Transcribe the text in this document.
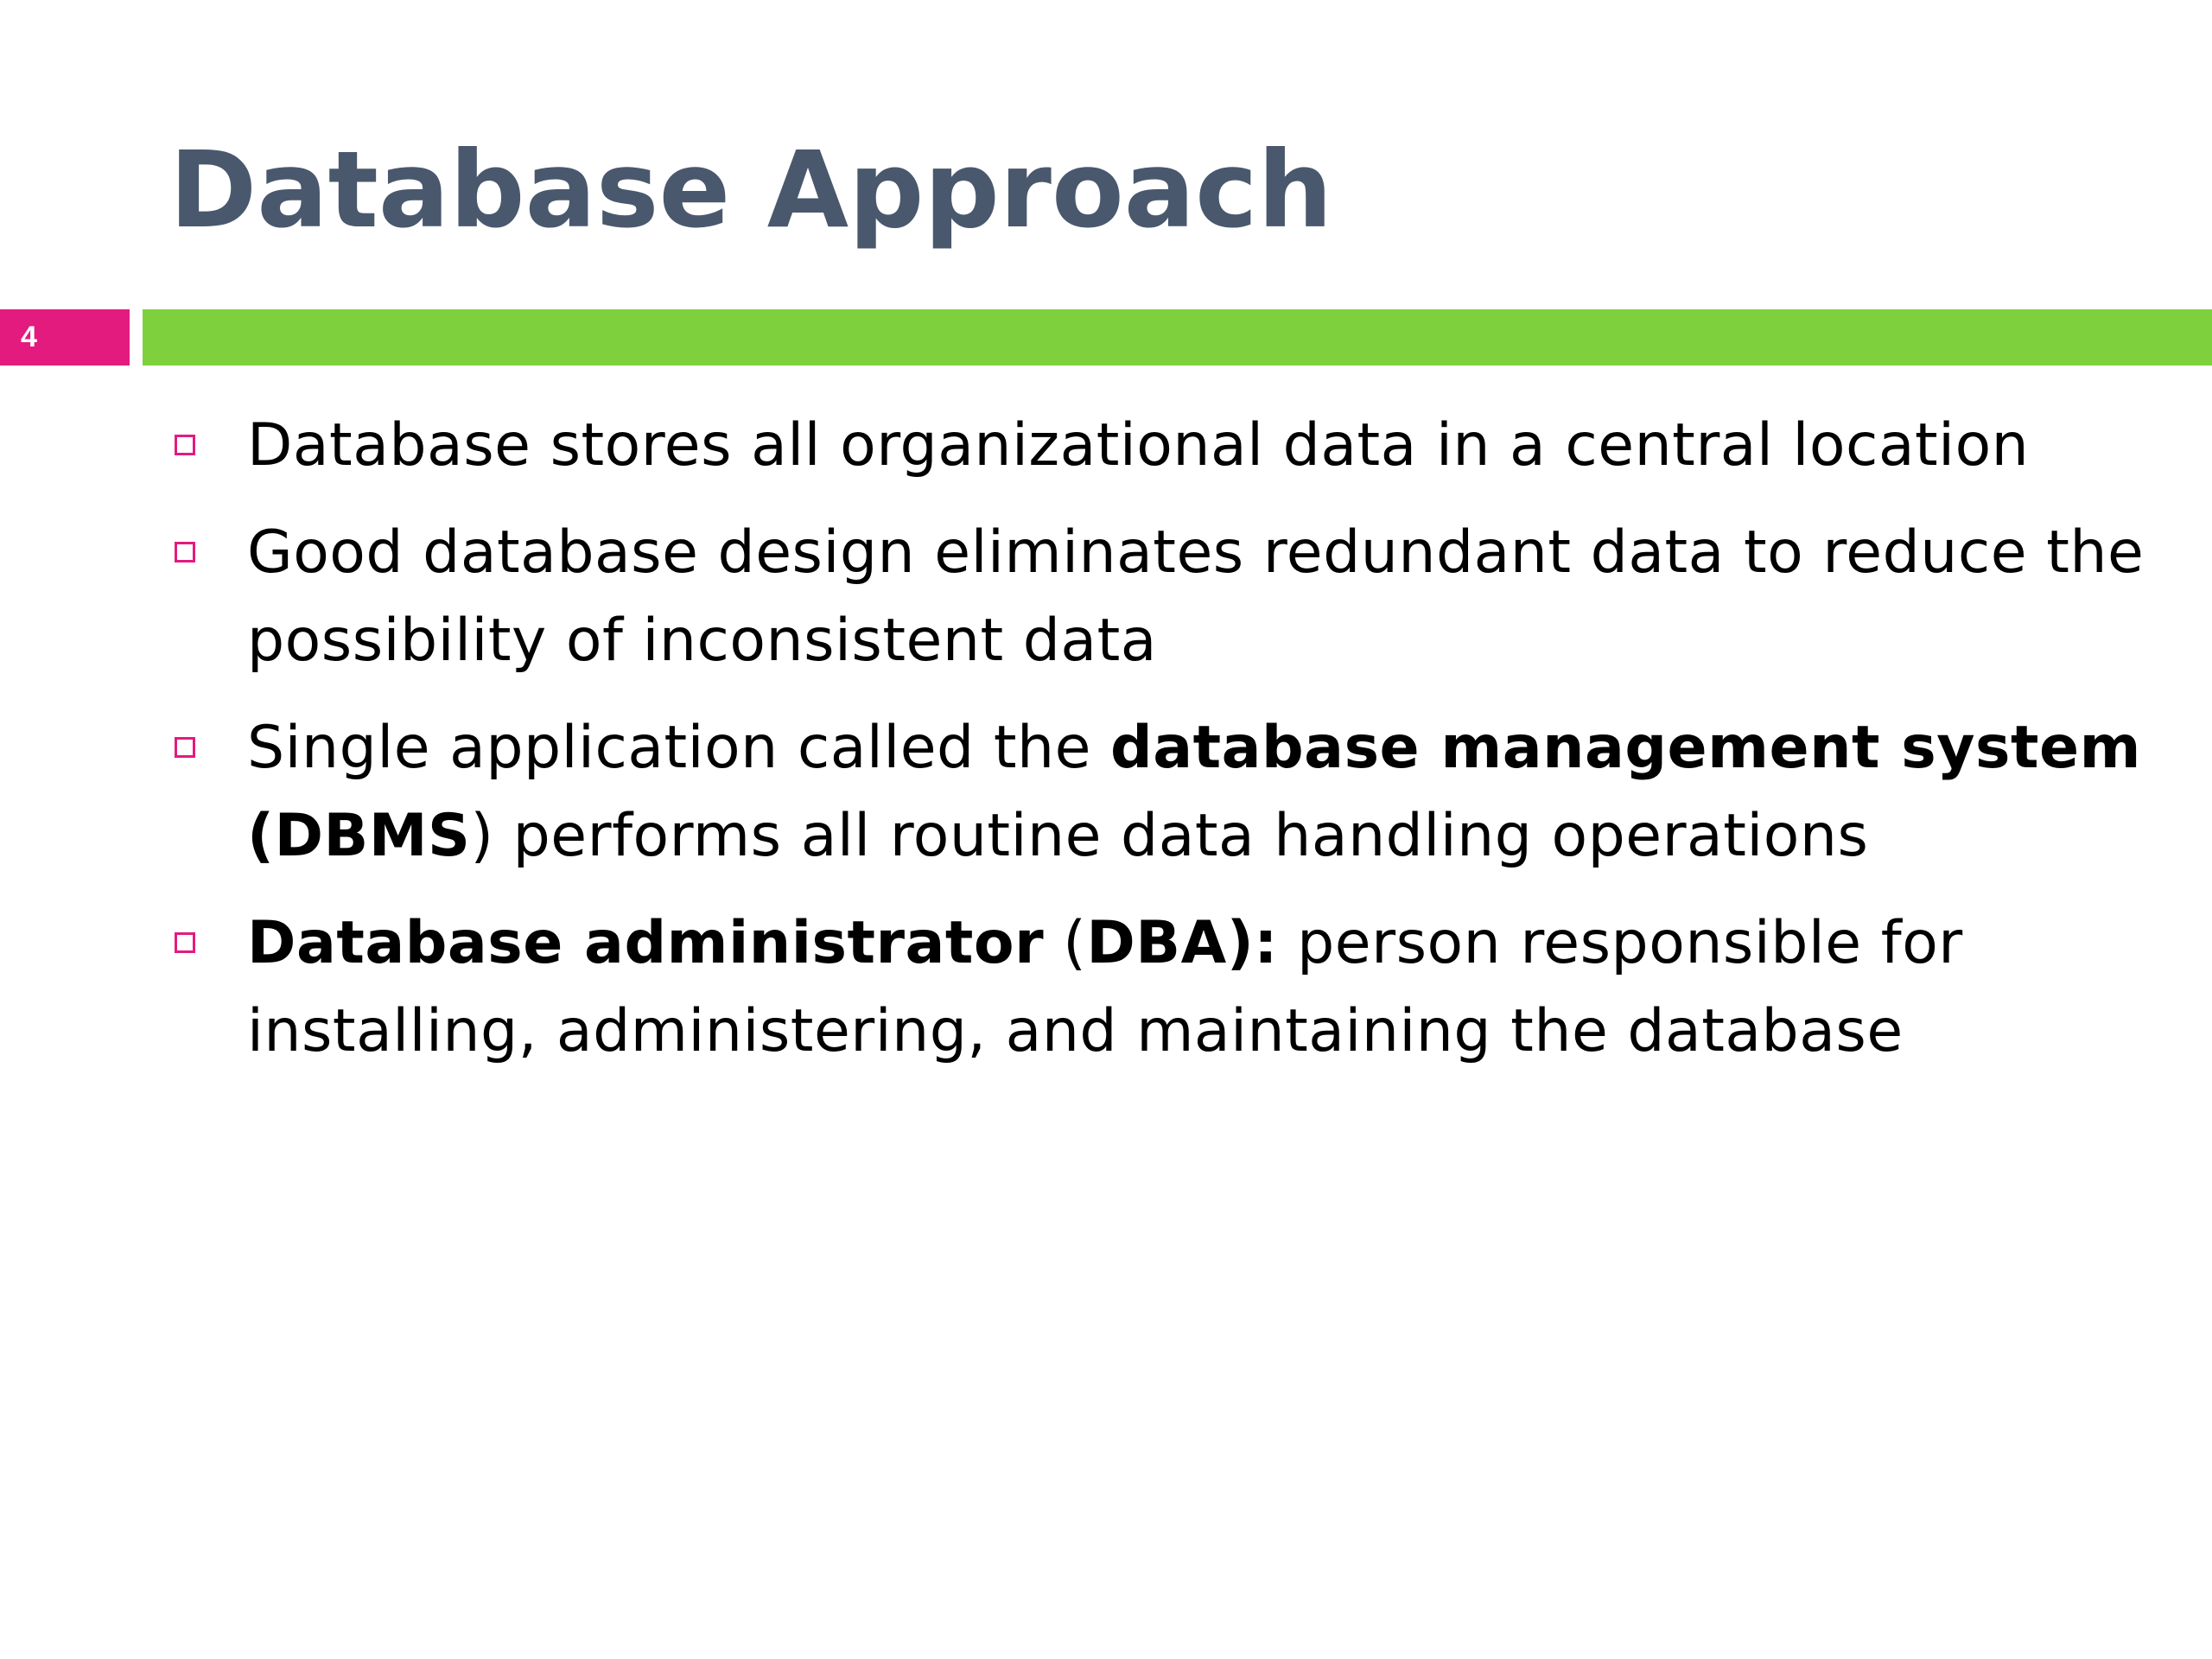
Database Approach
4
Database stores all organizational data in a central location
Good database design eliminates redundant data to reduce the possibility of inconsistent data
Single application called the database management system (DBMS) performs all routine data handling operations
Database administrator (DBA): person responsible for installing, administering, and maintaining the database
